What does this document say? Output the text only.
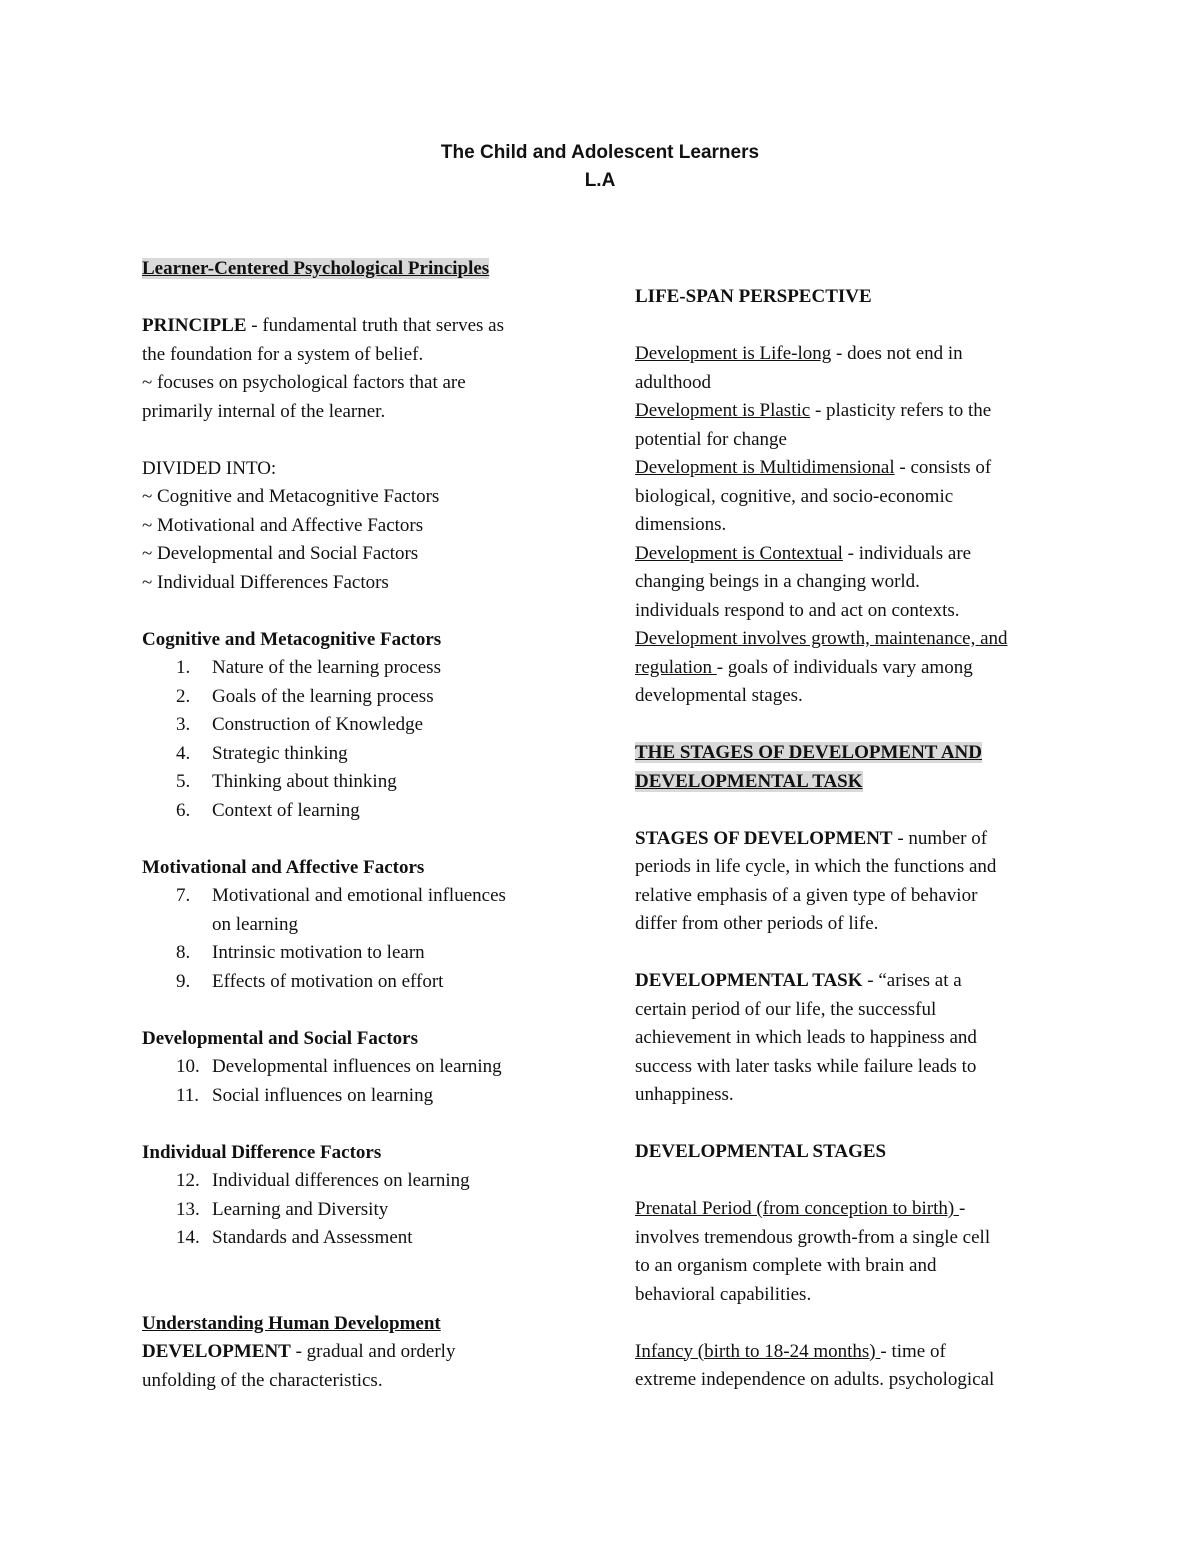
The Child and Adolescent Learners
L.A

Learner-Centered Psychological Principles

PRINCIPLE - fundamental truth that serves as

the foundation for a system of belief.

~ focuses on psychological factors that are

primarily internal of the learner.

DIVIDED INTO:

~ Cognitive and Metacognitive Factors

~ Motivational and Affective Factors

~ Developmental and Social Factors

~ Individual Differences Factors

Cognitive and Metacognitive Factors

1.	Nature of the learning process
2.	Goals of the learning process
3.	Construction of Knowledge
4.	Strategic thinking
5.	Thinking about thinking
6.	Context of learning

Motivational and Affective Factors

7.	Motivational and emotional influences
on learning
8.	Intrinsic motivation to learn
9.	Effects of motivation on effort

Developmental and Social Factors

10. Developmental influences on learning
11. Social influences on learning

Individual Difference Factors

12. Individual differences on learning
13. Learning and Diversity
14. Standards and Assessment

Understanding Human Development

DEVELOPMENT - gradual and orderly

unfolding of the characteristics.

LIFE-SPAN PERSPECTIVE

Development is Life-long - does not end in

adulthood

Development is Plastic - plasticity refers to the

potential for change

Development is Multidimensional - consists of

biological, cognitive, and socio-economic

dimensions.

Development is Contextual - individuals are

changing beings in a changing world.

individuals respond to and act on contexts.

Development involves growth, maintenance, and

regulation - goals of individuals vary among

developmental stages.

THE STAGES OF DEVELOPMENT AND

DEVELOPMENTAL TASK

STAGES OF DEVELOPMENT - number of

periods in life cycle, in which the functions and

relative emphasis of a given type of behavior

differ from other periods of life.

DEVELOPMENTAL TASK - “arises at a

certain period of our life, the successful

achievement in which leads to happiness and

success with later tasks while failure leads to

unhappiness.

DEVELOPMENTAL STAGES

Prenatal Period (from conception to birth) -

involves tremendous growth-from a single cell

to an organism complete with brain and

behavioral capabilities.

Infancy (birth to 18-24 months) - time of

extreme independence on adults. psychological
